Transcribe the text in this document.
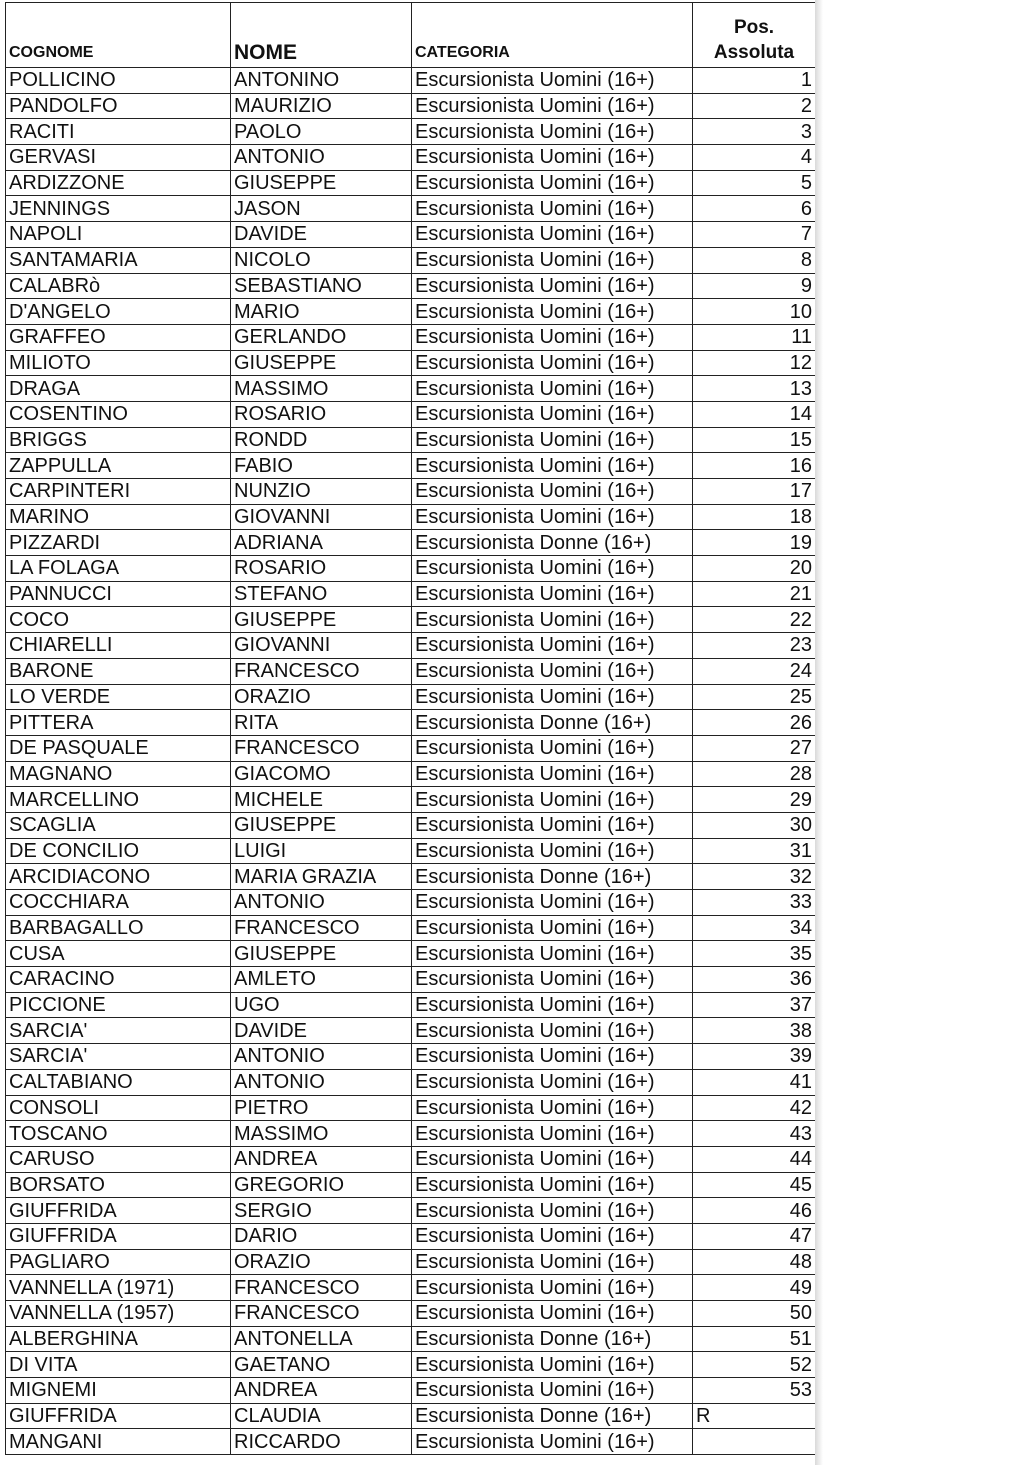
COGNOME	NOME	CATEGORIA	Pos.
Assoluta

POLLICINO	ANTONINO	Escursionista Uomini (16+)	1
PANDOLFO	MAURIZIO	Escursionista Uomini (16+)	2
RACITI	PAOLO	Escursionista Uomini (16+)	3
GERVASI	ANTONIO	Escursionista Uomini (16+)	4
ARDIZZONE	GIUSEPPE	Escursionista Uomini (16+)	5
JENNINGS	JASON	Escursionista Uomini (16+)	6
NAPOLI	DAVIDE	Escursionista Uomini (16+)	7
SANTAMARIA	NICOLO	Escursionista Uomini (16+)	8
CALABRò	SEBASTIANO	Escursionista Uomini (16+)	9
D'ANGELO	MARIO	Escursionista Uomini (16+)	10
GRAFFEO	GERLANDO	Escursionista Uomini (16+)	11
MILIOTO	GIUSEPPE	Escursionista Uomini (16+)	12
DRAGA	MASSIMO	Escursionista Uomini (16+)	13
COSENTINO	ROSARIO	Escursionista Uomini (16+)	14
BRIGGS	RONDD	Escursionista Uomini (16+)	15
ZAPPULLA	FABIO	Escursionista Uomini (16+)	16
CARPINTERI	NUNZIO	Escursionista Uomini (16+)	17
MARINO	GIOVANNI	Escursionista Uomini (16+)	18
PIZZARDI	ADRIANA	Escursionista Donne (16+)	19
LA FOLAGA	ROSARIO	Escursionista Uomini (16+)	20
PANNUCCI	STEFANO	Escursionista Uomini (16+)	21
COCO	GIUSEPPE	Escursionista Uomini (16+)	22
CHIARELLI	GIOVANNI	Escursionista Uomini (16+)	23
BARONE	FRANCESCO	Escursionista Uomini (16+)	24
LO VERDE	ORAZIO	Escursionista Uomini (16+)	25
PITTERA	RITA	Escursionista Donne (16+)	26
DE PASQUALE	FRANCESCO	Escursionista Uomini (16+)	27
MAGNANO	GIACOMO	Escursionista Uomini (16+)	28
MARCELLINO	MICHELE	Escursionista Uomini (16+)	29
SCAGLIA	GIUSEPPE	Escursionista Uomini (16+)	30
DE CONCILIO	LUIGI	Escursionista Uomini (16+)	31
ARCIDIACONO	MARIA GRAZIA	Escursionista Donne (16+)	32
COCCHIARA	ANTONIO	Escursionista Uomini (16+)	33
BARBAGALLO	FRANCESCO	Escursionista Uomini (16+)	34
CUSA	GIUSEPPE	Escursionista Uomini (16+)	35
CARACINO	AMLETO	Escursionista Uomini (16+)	36
PICCIONE	UGO	Escursionista Uomini (16+)	37
SARCIA'	DAVIDE	Escursionista Uomini (16+)	38
SARCIA'	ANTONIO	Escursionista Uomini (16+)	39
CALTABIANO	ANTONIO	Escursionista Uomini (16+)	41
CONSOLI	PIETRO	Escursionista Uomini (16+)	42
TOSCANO	MASSIMO	Escursionista Uomini (16+)	43
CARUSO	ANDREA	Escursionista Uomini (16+)	44
BORSATO	GREGORIO	Escursionista Uomini (16+)	45
GIUFFRIDA	SERGIO	Escursionista Uomini (16+)	46
GIUFFRIDA	DARIO	Escursionista Uomini (16+)	47
PAGLIARO	ORAZIO	Escursionista Uomini (16+)	48
VANNELLA (1971)	FRANCESCO	Escursionista Uomini (16+)	49
VANNELLA (1957)	FRANCESCO	Escursionista Uomini (16+)	50
ALBERGHINA	ANTONELLA	Escursionista Donne (16+)	51
DI VITA	GAETANO	Escursionista Uomini (16+)	52
MIGNEMI	ANDREA	Escursionista Uomini (16+)	53
GIUFFRIDA	CLAUDIA	Escursionista Donne (16+)	R
MANGANI	RICCARDO	Escursionista Uomini (16+)	
